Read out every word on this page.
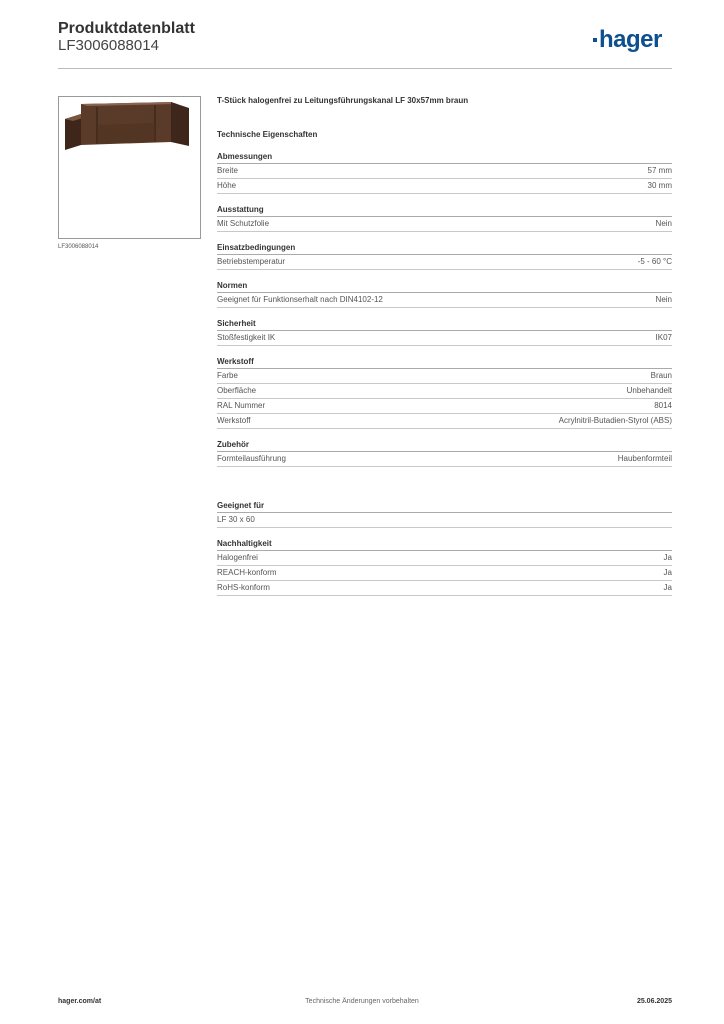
Produktdatenblatt
LF3006088014	hager
LF3006088014
T-Stück halogenfrei zu Leitungsführungskanal LF 30x57mm braun
Technische Eigenschaften
Abmessungen
Breite	57 mm
Höhe	30 mm
Ausstattung
Mit Schutzfolie	Nein
Einsatzbedingungen
Betriebstemperatur	-5 - 60 °C
Normen
Geeignet für Funktionserhalt nach DIN4102-12	Nein
Sicherheit
Stoßfestigkeit IK	IK07
Werkstoff
Farbe	Braun
Oberfläche	Unbehandelt
RAL Nummer	8014
Werkstoff	Acrylnitril-Butadien-Styrol (ABS)
Zubehör
Formteilausführung	Haubenformteil
Geeignet für
LF 30 x 60
Nachhaltigkeit
Halogenfrei	Ja
REACH-konform	Ja
RoHS-konform	Ja
hager.com/at	Technische Änderungen vorbehalten	25.06.2025
